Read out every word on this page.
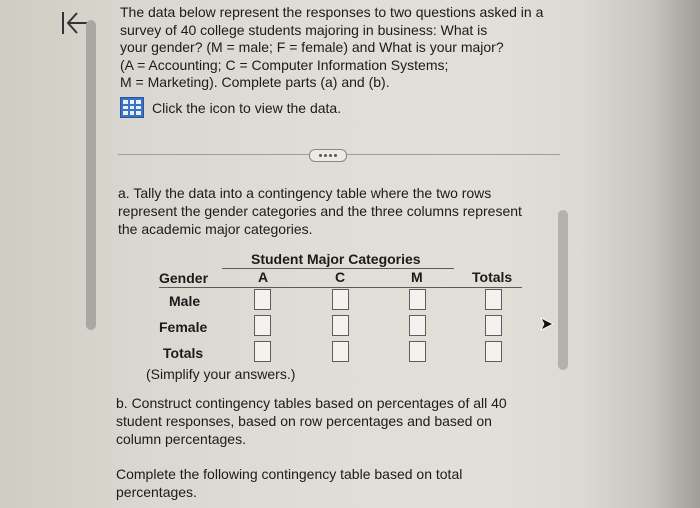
The data below represent the responses to two questions asked in a
survey of 40 college students majoring in business: What is
your gender? (M = male; F = female) and What is your major?
(A = Accounting; C = Computer Information Systems;
M = Marketing). Complete parts (a) and (b).
Click the icon to view the data.
a. Tally the data into a contingency table where the two rows
represent the gender categories and the three columns represent
the academic major categories.
Student Major Categories
Gender	A	C	M	Totals
Male
Female
Totals
(Simplify your answers.)
b. Construct contingency tables based on percentages of all 40
student responses, based on row percentages and based on
column percentages.
Complete the following contingency table based on total
percentages.
